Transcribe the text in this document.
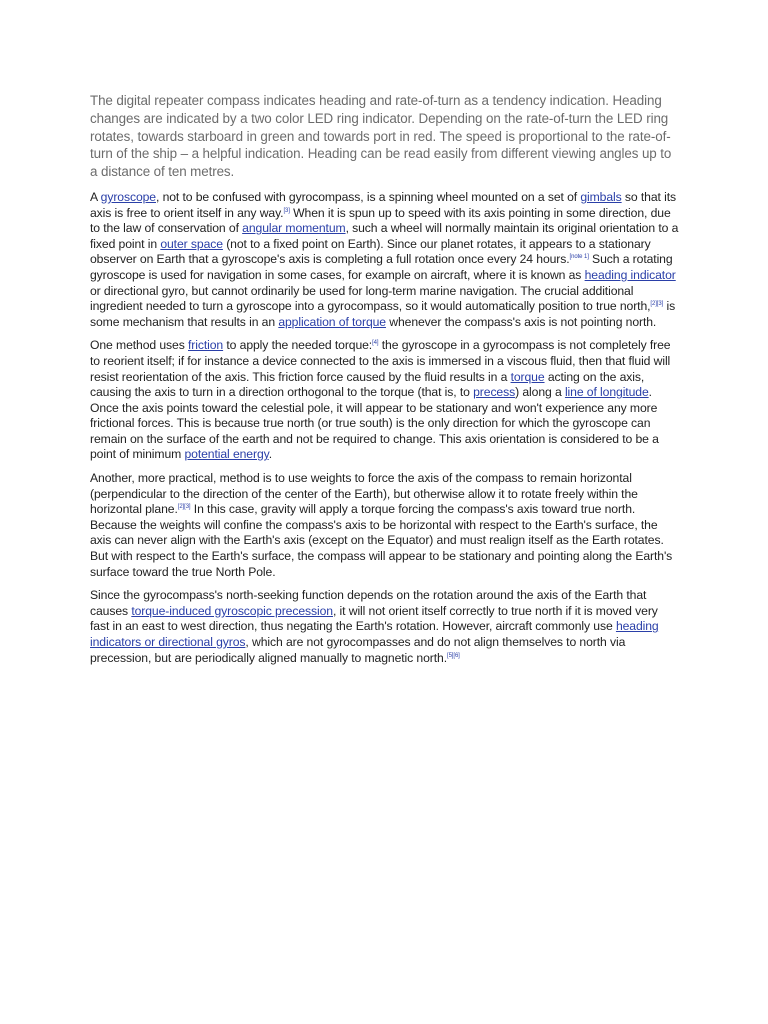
The digital repeater compass indicates heading and rate-of-turn as a tendency indication. Heading changes are indicated by a two color LED ring indicator. Depending on the rate-of-turn the LED ring rotates, towards starboard in green and towards port in red. The speed is proportional to the rate-of-turn of the ship – a helpful indication. Heading can be read easily from different viewing angles up to a distance of ten metres.

A gyroscope, not to be confused with gyrocompass, is a spinning wheel mounted on a set of gimbals so that its axis is free to orient itself in any way.[3] When it is spun up to speed with its axis pointing in some direction, due to the law of conservation of angular momentum, such a wheel will normally maintain its original orientation to a fixed point in outer space (not to a fixed point on Earth). Since our planet rotates, it appears to a stationary observer on Earth that a gyroscope's axis is completing a full rotation once every 24 hours.[note 1] Such a rotating gyroscope is used for navigation in some cases, for example on aircraft, where it is known as heading indicator or directional gyro, but cannot ordinarily be used for long-term marine navigation. The crucial additional ingredient needed to turn a gyroscope into a gyrocompass, so it would automatically position to true north,[2][3] is some mechanism that results in an application of torque whenever the compass's axis is not pointing north.

One method uses friction to apply the needed torque:[4] the gyroscope in a gyrocompass is not completely free to reorient itself; if for instance a device connected to the axis is immersed in a viscous fluid, then that fluid will resist reorientation of the axis. This friction force caused by the fluid results in a torque acting on the axis, causing the axis to turn in a direction orthogonal to the torque (that is, to precess) along a line of longitude. Once the axis points toward the celestial pole, it will appear to be stationary and won't experience any more frictional forces. This is because true north (or true south) is the only direction for which the gyroscope can remain on the surface of the earth and not be required to change. This axis orientation is considered to be a point of minimum potential energy.

Another, more practical, method is to use weights to force the axis of the compass to remain horizontal (perpendicular to the direction of the center of the Earth), but otherwise allow it to rotate freely within the horizontal plane.[2][3] In this case, gravity will apply a torque forcing the compass's axis toward true north. Because the weights will confine the compass's axis to be horizontal with respect to the Earth's surface, the axis can never align with the Earth's axis (except on the Equator) and must realign itself as the Earth rotates. But with respect to the Earth's surface, the compass will appear to be stationary and pointing along the Earth's surface toward the true North Pole.

Since the gyrocompass's north-seeking function depends on the rotation around the axis of the Earth that causes torque-induced gyroscopic precession, it will not orient itself correctly to true north if it is moved very fast in an east to west direction, thus negating the Earth's rotation. However, aircraft commonly use heading indicators or directional gyros, which are not gyrocompasses and do not align themselves to north via precession, but are periodically aligned manually to magnetic north.[5][6]
